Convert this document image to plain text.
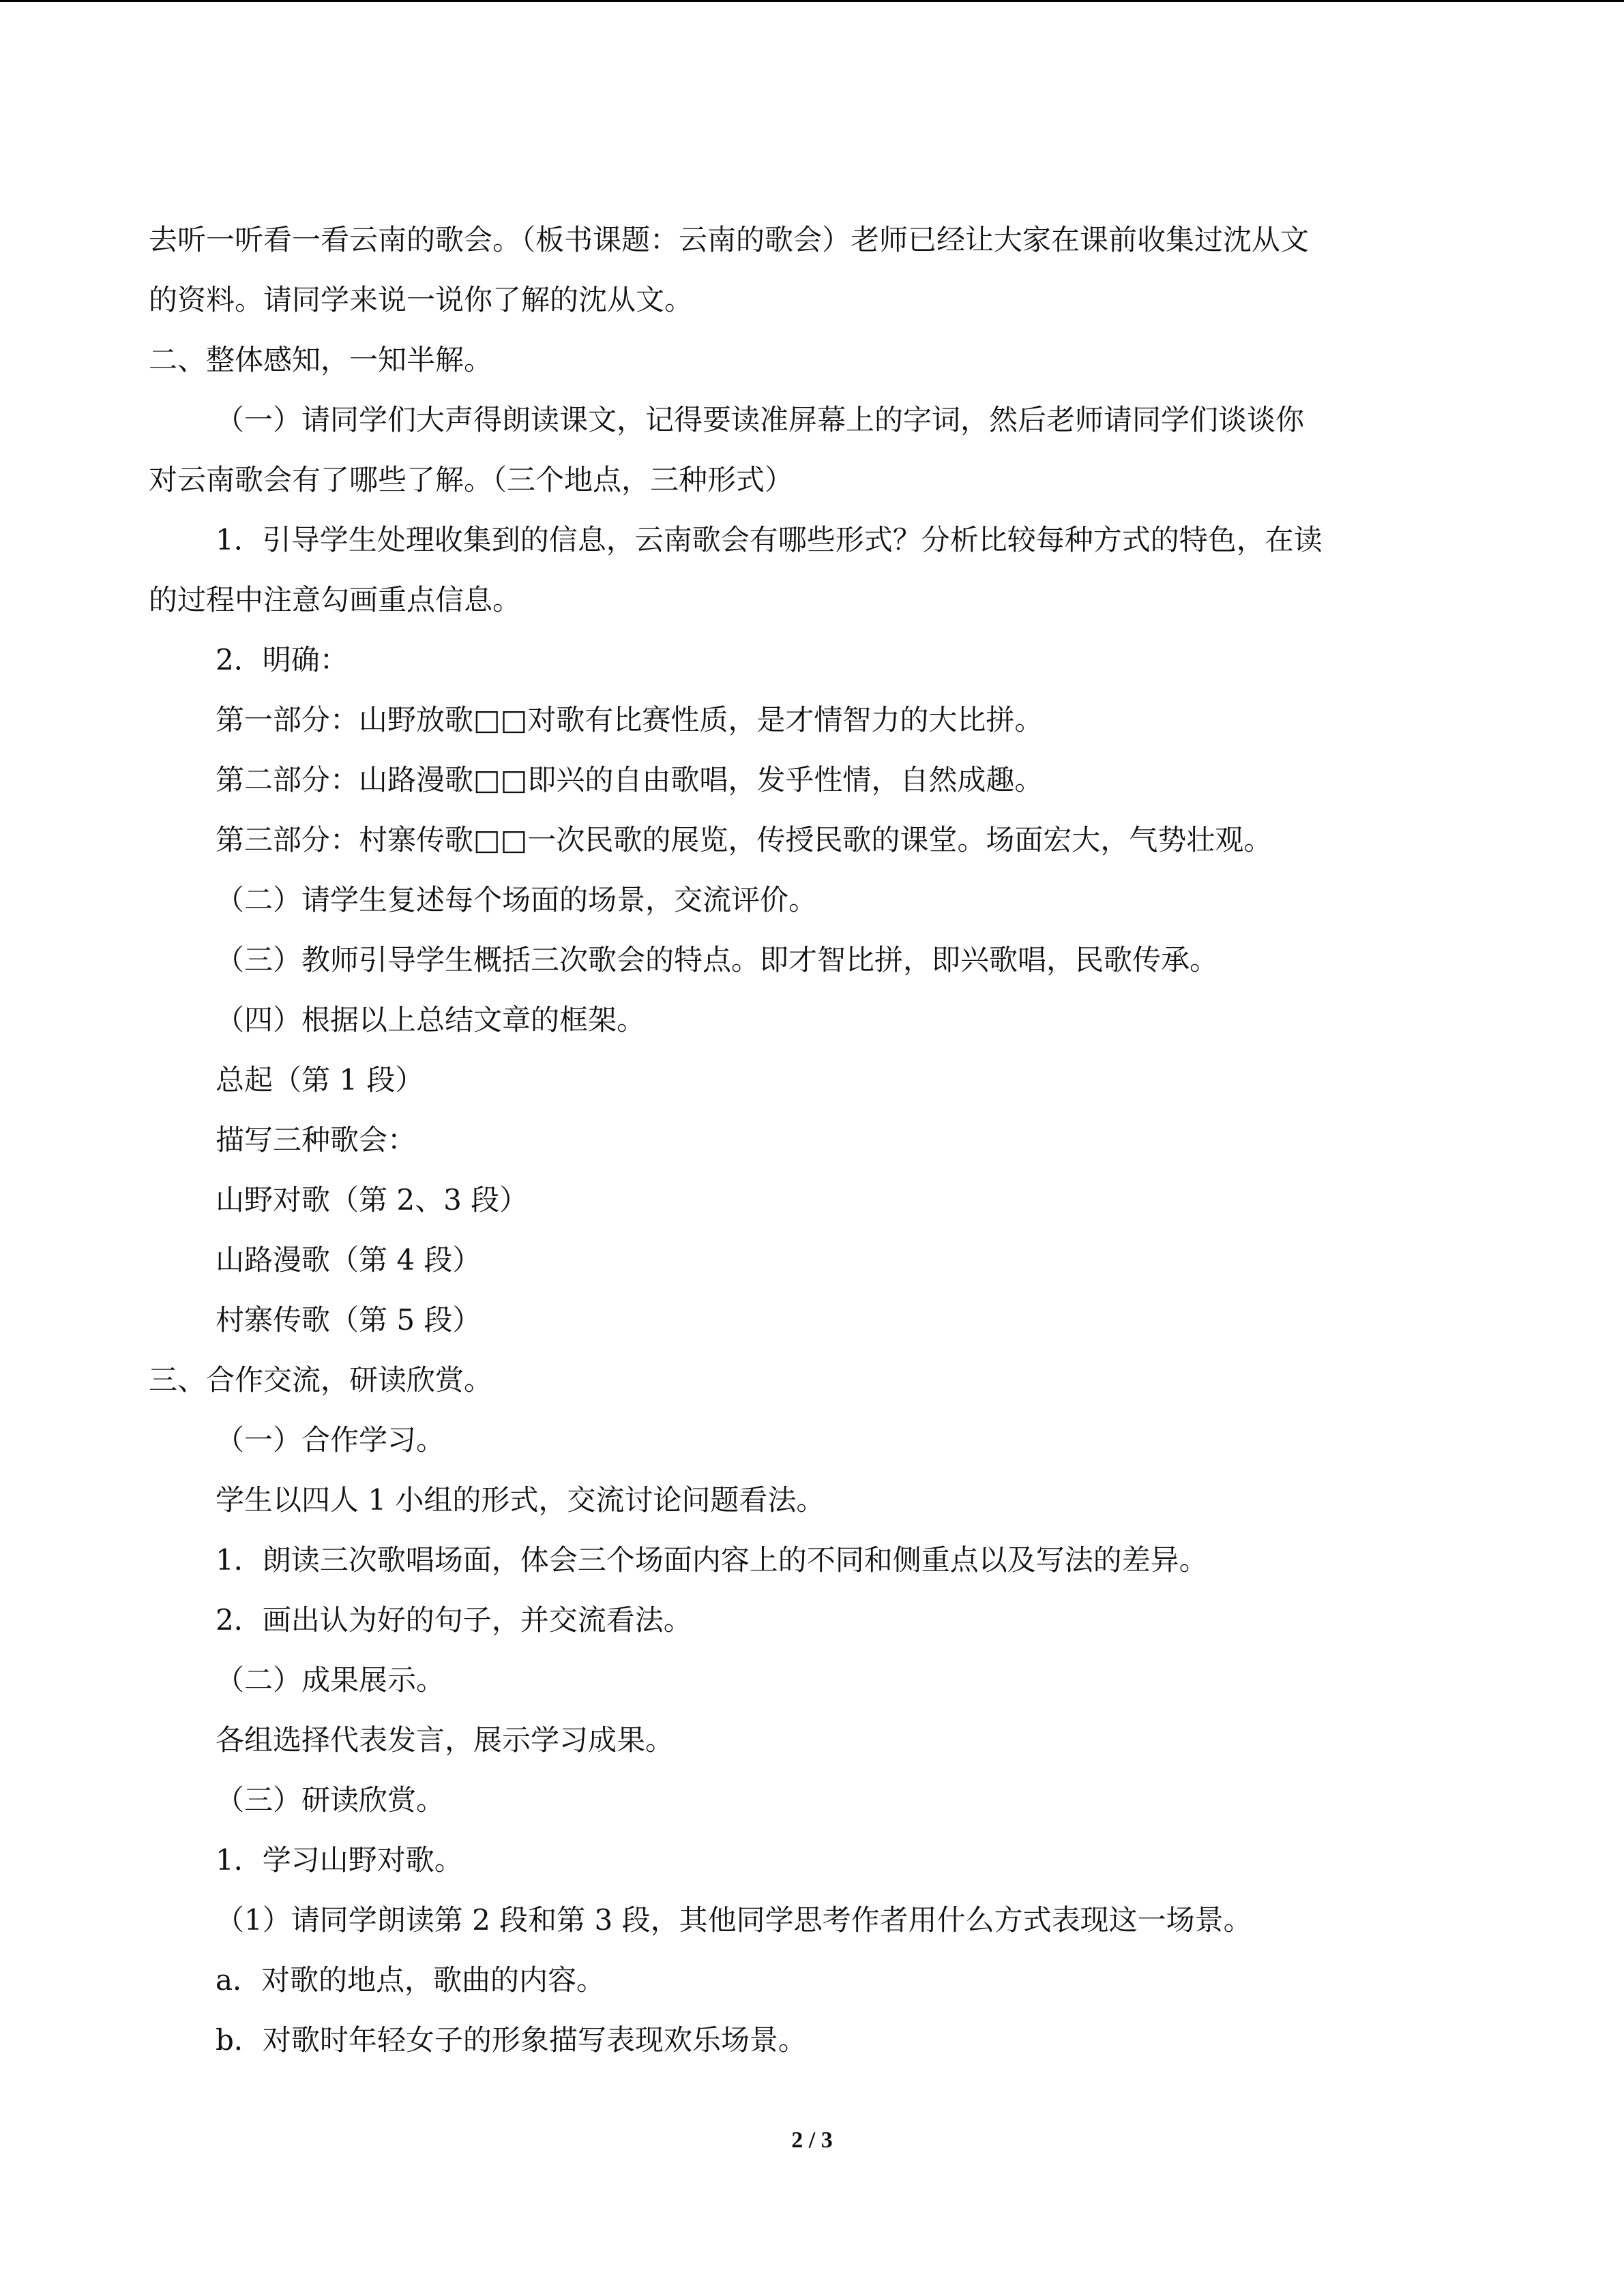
去听一听看一看云南的歌会。（板书课题：云南的歌会）老师已经让大家在课前收集过沈从文
的资料。请同学来说一说你了解的沈从文。
二、整体感知，一知半解。
（一）请同学们大声得朗读课文，记得要读准屏幕上的字词，然后老师请同学们谈谈你
对云南歌会有了哪些了解。（三个地点，三种形式）
1．引导学生处理收集到的信息，云南歌会有哪些形式？分析比较每种方式的特色，在读
的过程中注意勾画重点信息。
2．明确：
第一部分：山野放歌□□对歌有比赛性质，是才情智力的大比拼。
第二部分：山路漫歌□□即兴的自由歌唱，发乎性情，自然成趣。
第三部分：村寨传歌□□一次民歌的展览，传授民歌的课堂。场面宏大，气势壮观。
（二）请学生复述每个场面的场景，交流评价。
（三）教师引导学生概括三次歌会的特点。即才智比拼，即兴歌唱，民歌传承。
（四）根据以上总结文章的框架。
总起（第 1 段）
描写三种歌会：
山野对歌（第 2、3 段）
山路漫歌（第 4 段）
村寨传歌（第 5 段）
三、合作交流，研读欣赏。
（一）合作学习。
学生以四人 1 小组的形式，交流讨论问题看法。
1．朗读三次歌唱场面，体会三个场面内容上的不同和侧重点以及写法的差异。
2．画出认为好的句子，并交流看法。
（二）成果展示。
各组选择代表发言，展示学习成果。
（三）研读欣赏。
1．学习山野对歌。
（1）请同学朗读第 2 段和第 3 段，其他同学思考作者用什么方式表现这一场景。
a．对歌的地点，歌曲的内容。
b．对歌时年轻女子的形象描写表现欢乐场景。
2 / 3
